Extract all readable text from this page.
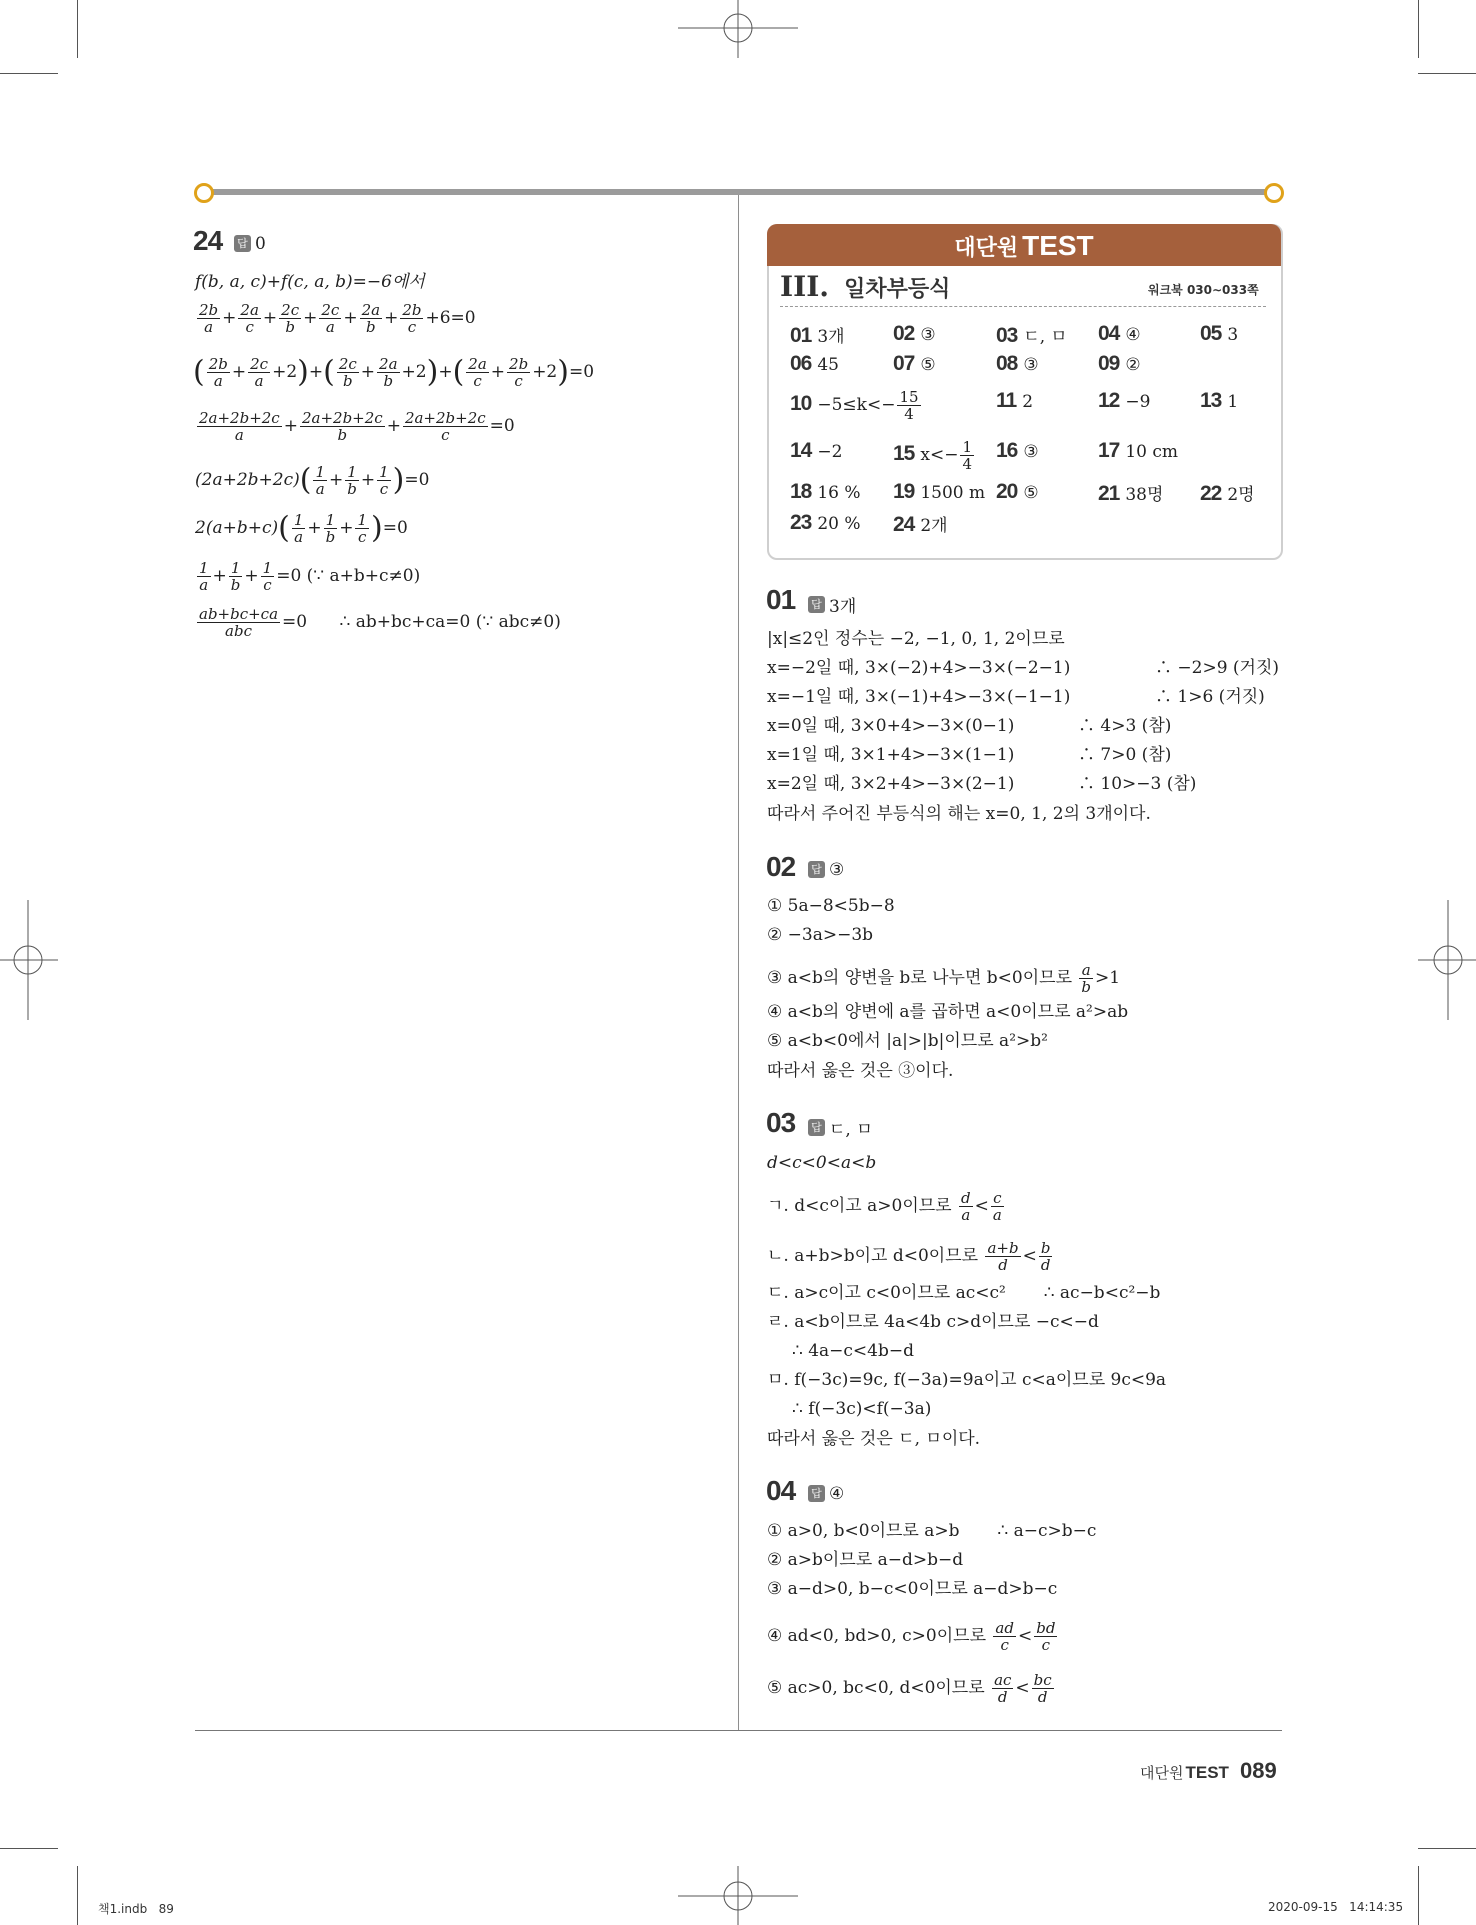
24 답 0
f(b, a, c)+f(c, a, b)=−6에서
$\frac{2b}{a} + \frac{2a}{c} + \frac{2c}{b} + \frac{2c}{a} + \frac{2a}{b} + \frac{2b}{c} +6=0$
( $\frac{2b}{a} + \frac{2c}{a} +2)+( \frac{2c}{b} + \frac{2a}{b} +2)+( \frac{2a}{c} + \frac{2b}{c} +2)=0$
$\frac{2a+2b+2c}{a} + \frac{2a+2b+2c}{b} + \frac{2a+2b+2c}{c} =0$
$(2a+2b+2c)( \frac{1}{a} + \frac{1}{b} + \frac{1}{c} )=0$
$2(a+b+c)( \frac{1}{a} + \frac{1}{b} + \frac{1}{c} )=0$
$\frac{1}{a} + \frac{1}{b} + \frac{1}{c} =0$ (∵ a+b+c≠0)
$\frac{ab+bc+ca}{\text{abc}} =0$      ∴ ab+bc+ca=0 (∵ abc≠0)
대단원 TEST
III. 일차부등식	워크북 030∼033쪽
01 3개 02 ③	03 ㄷ, ㅁ 04 ④	05 3
06 45	07 ⑤	08 ③	09 ②
$10 -5\le k<- \frac{15}{4}$	11 2	12 −9 13 1
14 −2 15 $x<- \frac{1}{4} 16$ ③	17 10 cm
18 16 % 19 1500 m 20 ⑤	21 38명 22 2명
23 20 % 24 2개
01 답 3개
|x|≤2인 정수는 −2, −1, 0, 1, 2이므로
x=−2일 때, 3×(−2)+4>−3×(−2−1)
x=−1일 때, 3×(−1)+4>−3×(−1−1)
x=0일 때, 3×0+4>−3×(0−1)
x=1일 때, 3×1+4>−3×(1−1)
x=2일 때, 3×2+4>−3×(2−1)
따라서 주어진 부등식의 해는 x=0, 1, 2의 3개이다.
∴ −2>9 (거짓)
∴ 1>6 (거짓)
∴ 4>3 (참)
∴ 7>0 (참)
∴ 10>−3 (참)
02 답 ③
① 5a−8<5b−8
② −3a>−3b
③ a<b의 양변을 b로 나누면 b<0이므로 $\frac{a}{b} >1$
④ a<b의 양변에 a를 곱하면 a<0이므로 a²>ab
⑤ a<b<0에서 |a|>|b|이므로 a²>b²
따라서 옳은 것은 ③이다.
03 답 ㄷ, ㅁ
d<c<0<a<b
ㄱ. d<c이고 a>0이므로 $\frac{d}{a} < \frac{c}{a}$
ㄴ. a+b>b이고 d<0이므로 $\frac{a+b}{d} < \frac{b}{d}$
ㄷ. a>c이고 c<0이므로 ac<c²       ∴ ac−b<c²−b
ㄹ. a<b이므로 4a<4b c>d이므로 −c<−d
∴ 4a−c<4b−d
ㅁ. f(−3c)=9c, f(−3a)=9a이고 c<a이므로 9c<9a
∴ f(−3c)<f(−3a)
따라서 옳은 것은 ㄷ, ㅁ이다.
04 답 ④
① a>0, b<0이므로 a>b       ∴ a−c>b−c
② a>b이므로 a−d>b−d
③ a−d>0, b−c<0이므로 a−d>b−c
④ ad<0, bd>0, c>0이므로 $\frac{ad}{c} < \frac{bd}{c}$
⑤ ac>0, bc<0, d<0이므로 $\frac{ac}{d} < \frac{bc}{d}$
대단원 TEST 089
책1.indb   89	2020-09-15   14:14:35
